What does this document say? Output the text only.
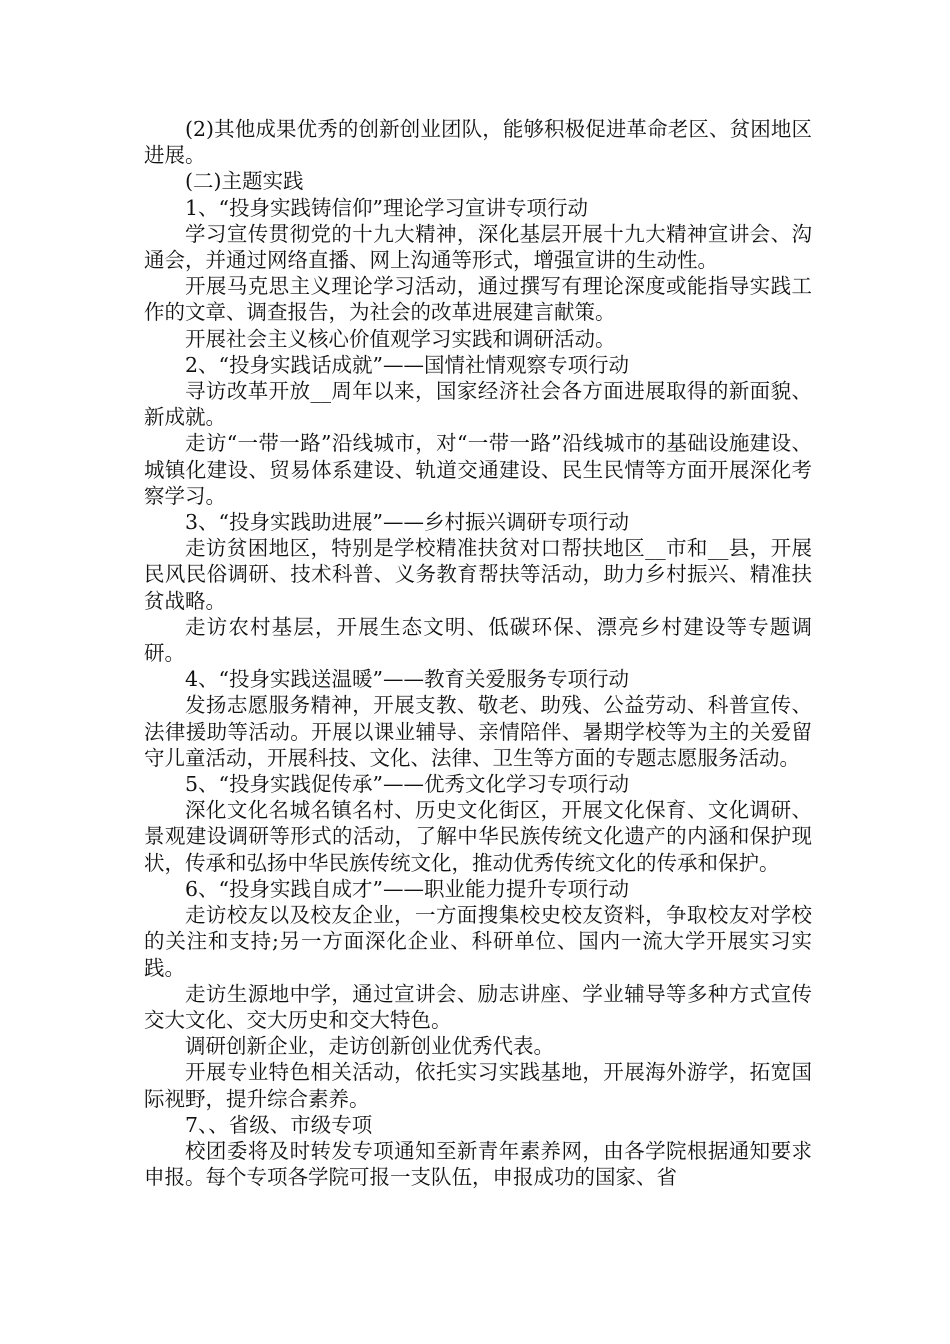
(2)其他成果优秀的创新创业团队，能够积极促进革命老区、贫困地区进展。

(二)主题实践

1、“投身实践铸信仰”理论学习宣讲专项行动

学习宣传贯彻党的十九大精神，深化基层开展十九大精神宣讲会、沟通会，并通过网络直播、网上沟通等形式，增强宣讲的生动性。

开展马克思主义理论学习活动，通过撰写有理论深度或能指导实践工作的文章、调查报告，为社会的改革进展建言献策。

开展社会主义核心价值观学习实践和调研活动。

2、“投身实践话成就”——国情社情观察专项行动

寻访改革开放__周年以来，国家经济社会各方面进展取得的新面貌、新成就。

走访“一带一路”沿线城市，对“一带一路”沿线城市的基础设施建设、城镇化建设、贸易体系建设、轨道交通建设、民生民情等方面开展深化考察学习。

3、“投身实践助进展”——乡村振兴调研专项行动

走访贫困地区，特别是学校精准扶贫对口帮扶地区__市和__县，开展民风民俗调研、技术科普、义务教育帮扶等活动，助力乡村振兴、精准扶贫战略。

走访农村基层，开展生态文明、低碳环保、漂亮乡村建设等专题调研。

4、“投身实践送温暖”——教育关爱服务专项行动

发扬志愿服务精神，开展支教、敬老、助残、公益劳动、科普宣传、法律援助等活动。开展以课业辅导、亲情陪伴、暑期学校等为主的关爱留守儿童活动，开展科技、文化、法律、卫生等方面的专题志愿服务活动。

5、“投身实践促传承”——优秀文化学习专项行动

深化文化名城名镇名村、历史文化街区，开展文化保育、文化调研、景观建设调研等形式的活动，了解中华民族传统文化遗产的内涵和保护现状，传承和弘扬中华民族传统文化，推动优秀传统文化的传承和保护。

6、“投身实践自成才”——职业能力提升专项行动

走访校友以及校友企业，一方面搜集校史校友资料，争取校友对学校的关注和支持;另一方面深化企业、科研单位、国内一流大学开展实习实践。

走访生源地中学，通过宣讲会、励志讲座、学业辅导等多种方式宣传交大文化、交大历史和交大特色。

调研创新企业，走访创新创业优秀代表。

开展专业特色相关活动，依托实习实践基地，开展海外游学，拓宽国际视野，提升综合素养。

7、、省级、市级专项

校团委将及时转发专项通知至新青年素养网，由各学院根据通知要求申报。每个专项各学院可报一支队伍，申报成功的国家、省
